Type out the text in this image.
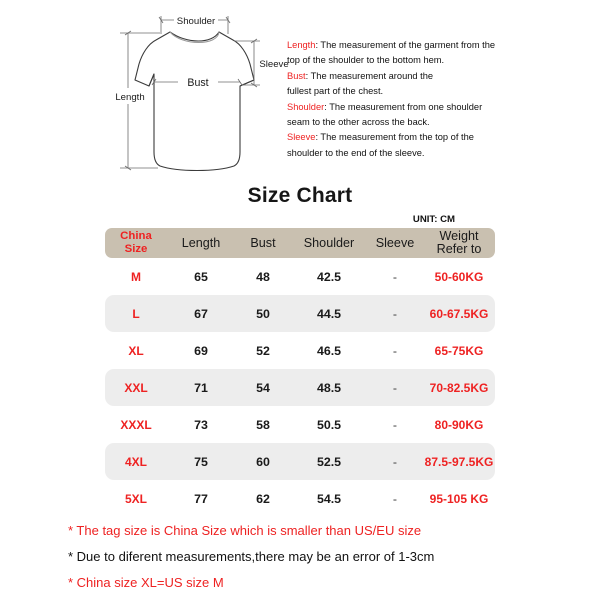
Shoulder
Length
Sleeve
Bust
Length: The measurement of the garment from the
top of the shoulder to the bottom hem.
Bust: The measurement around the
fullest part of the chest.
Shoulder: The measurement from one shoulder
seam to the other across the back.
Sleeve: The measurement from the top of the
shoulder to the end of the sleeve.
Size Chart
UNIT: CM
China
Size	Length	Bust	Shoulder	Sleeve	Weight
Refer to
M	65	48	42.5	-	50-60KG
L	67	50	44.5	-	60-67.5KG
XL	69	52	46.5	-	65-75KG
XXL	71	54	48.5	-	70-82.5KG
XXXL	73	58	50.5	-	80-90KG
4XL	75	60	52.5	-	87.5-97.5KG
5XL	77	62	54.5	-	95-105 KG
* The tag size is China Size which is smaller than US/EU size
* Due to diferent measurements,there may be an error of 1-3cm
* China size XL=US size M
